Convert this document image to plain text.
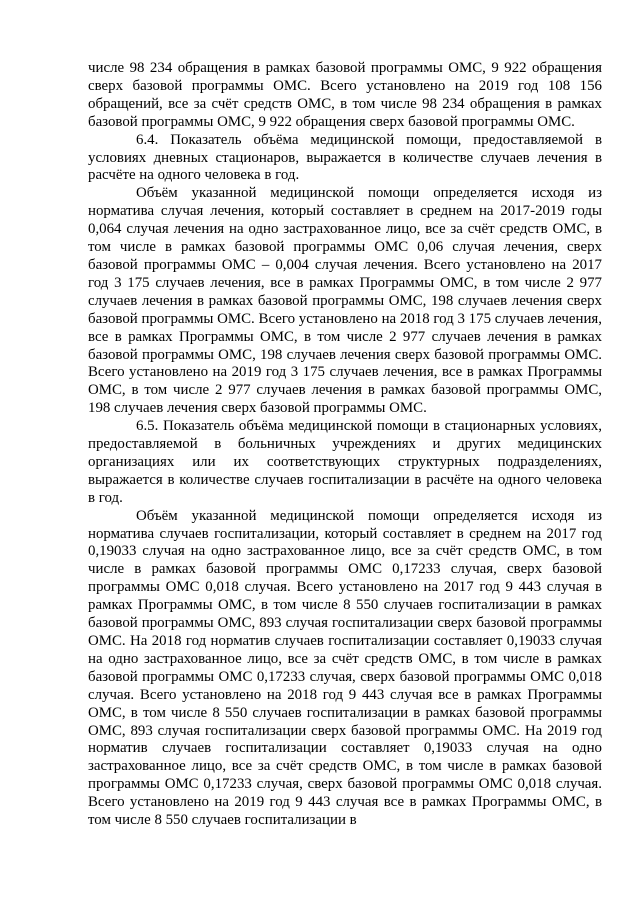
числе 98 234 обращения в рамках базовой программы ОМС, 9 922 обращения сверх базовой программы ОМС. Всего установлено на 2019 год 108 156 обращений, все за счёт средств ОМС, в том числе 98 234 обращения в рамках базовой программы ОМС, 9 922 обращения сверх базовой программы ОМС.

6.4. Показатель объёма медицинской помощи, предоставляемой в условиях дневных стационаров, выражается в количестве случаев лечения в расчёте на одного человека в год.

Объём указанной медицинской помощи определяется исходя из норматива случая лечения, который составляет в среднем на 2017-2019 годы 0,064 случая лечения на одно застрахованное лицо, все за счёт средств ОМС, в том числе в рамках базовой программы ОМС 0,06 случая лечения, сверх базовой программы ОМС – 0,004 случая лечения. Всего установлено на 2017 год 3 175 случаев лечения, все в рамках Программы ОМС, в том числе 2 977 случаев лечения в рамках базовой программы ОМС, 198 случаев лечения сверх базовой программы ОМС. Всего установлено на 2018 год 3 175 случаев лечения, все в рамках Программы ОМС, в том числе 2 977 случаев лечения в рамках базовой программы ОМС, 198 случаев лечения сверх базовой программы ОМС. Всего установлено на 2019 год 3 175 случаев лечения, все в рамках Программы ОМС, в том числе 2 977 случаев лечения в рамках базовой программы ОМС, 198 случаев лечения сверх базовой программы ОМС.

6.5. Показатель объёма медицинской помощи в стационарных условиях, предоставляемой в больничных учреждениях и других медицинских организациях или их соответствующих структурных подразделениях, выражается в количестве случаев госпитализации в расчёте на одного человека в год.

Объём указанной медицинской помощи определяется исходя из норматива случаев госпитализации, который составляет в среднем на 2017 год 0,19033 случая на одно застрахованное лицо, все за счёт средств ОМС, в том числе в рамках базовой программы ОМС 0,17233 случая, сверх базовой программы ОМС 0,018 случая. Всего установлено на 2017 год 9 443 случая в рамках Программы ОМС, в том числе 8 550 случаев госпитализации в рамках базовой программы ОМС, 893 случая госпитализации сверх базовой программы ОМС. На 2018 год норматив случаев госпитализации составляет 0,19033 случая на одно застрахованное лицо, все за счёт средств ОМС, в том числе в рамках базовой программы ОМС 0,17233 случая, сверх базовой программы ОМС 0,018 случая. Всего установлено на 2018 год 9 443 случая все в рамках Программы ОМС, в том числе 8 550 случаев госпитализации в рамках базовой программы ОМС, 893 случая госпитализации сверх базовой программы ОМС. На 2019 год норматив случаев госпитализации составляет 0,19033 случая на одно застрахованное лицо, все за счёт средств ОМС, в том числе в рамках базовой программы ОМС 0,17233 случая, сверх базовой программы ОМС 0,018 случая. Всего установлено на 2019 год 9 443 случая все в рамках Программы ОМС, в том числе 8 550 случаев госпитализации в
